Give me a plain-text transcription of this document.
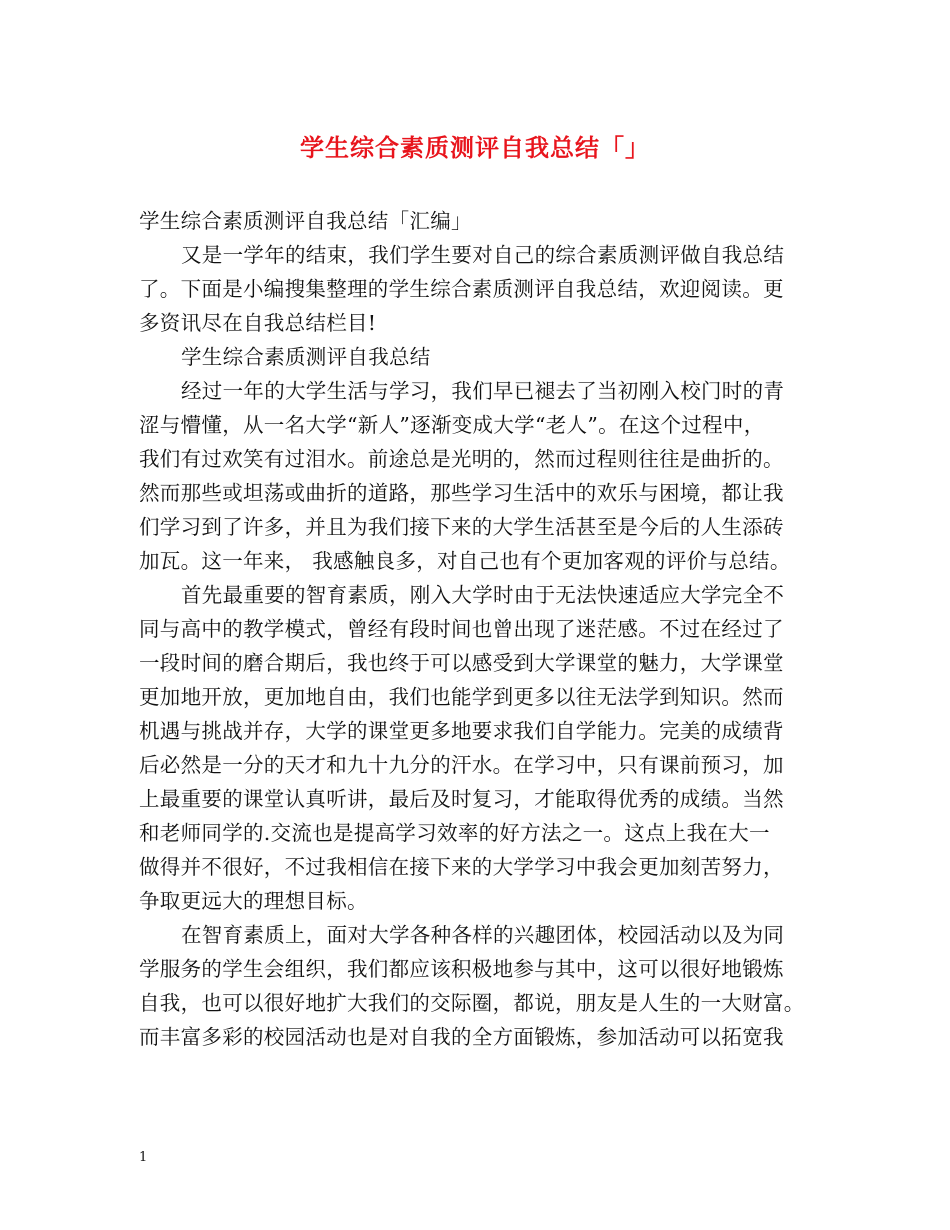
学生综合素质测评自我总结「」
学生综合素质测评自我总结「汇编」
又是一学年的结束，我们学生要对自己的综合素质测评做自我总结
了。下面是小编搜集整理的学生综合素质测评自我总结，欢迎阅读。更
多资讯尽在自我总结栏目!
学生综合素质测评自我总结
经过一年的大学生活与学习，我们早已褪去了当初刚入校门时的青
涩与懵懂，从一名大学“新人”逐渐变成大学“老人”。在这个过程中，
我们有过欢笑有过泪水。前途总是光明的，然而过程则往往是曲折的。
然而那些或坦荡或曲折的道路，那些学习生活中的欢乐与困境，都让我
们学习到了许多，并且为我们接下来的大学生活甚至是今后的人生添砖
加瓦。这一年来， 我感触良多，对自己也有个更加客观的评价与总结。
首先最重要的智育素质，刚入大学时由于无法快速适应大学完全不
同与高中的教学模式，曾经有段时间也曾出现了迷茫感。不过在经过了
一段时间的磨合期后，我也终于可以感受到大学课堂的魅力，大学课堂
更加地开放，更加地自由，我们也能学到更多以往无法学到知识。然而
机遇与挑战并存，大学的课堂更多地要求我们自学能力。完美的成绩背
后必然是一分的天才和九十九分的汗水。在学习中，只有课前预习，加
上最重要的课堂认真听讲，最后及时复习，才能取得优秀的成绩。当然
和老师同学的.交流也是提高学习效率的好方法之一。这点上我在大一
做得并不很好，不过我相信在接下来的大学学习中我会更加刻苦努力，
争取更远大的理想目标。
在智育素质上，面对大学各种各样的兴趣团体，校园活动以及为同
学服务的学生会组织，我们都应该积极地参与其中，这可以很好地锻炼
自我，也可以很好地扩大我们的交际圈，都说，朋友是人生的一大财富。
而丰富多彩的校园活动也是对自我的全方面锻炼，参加活动可以拓宽我
1
